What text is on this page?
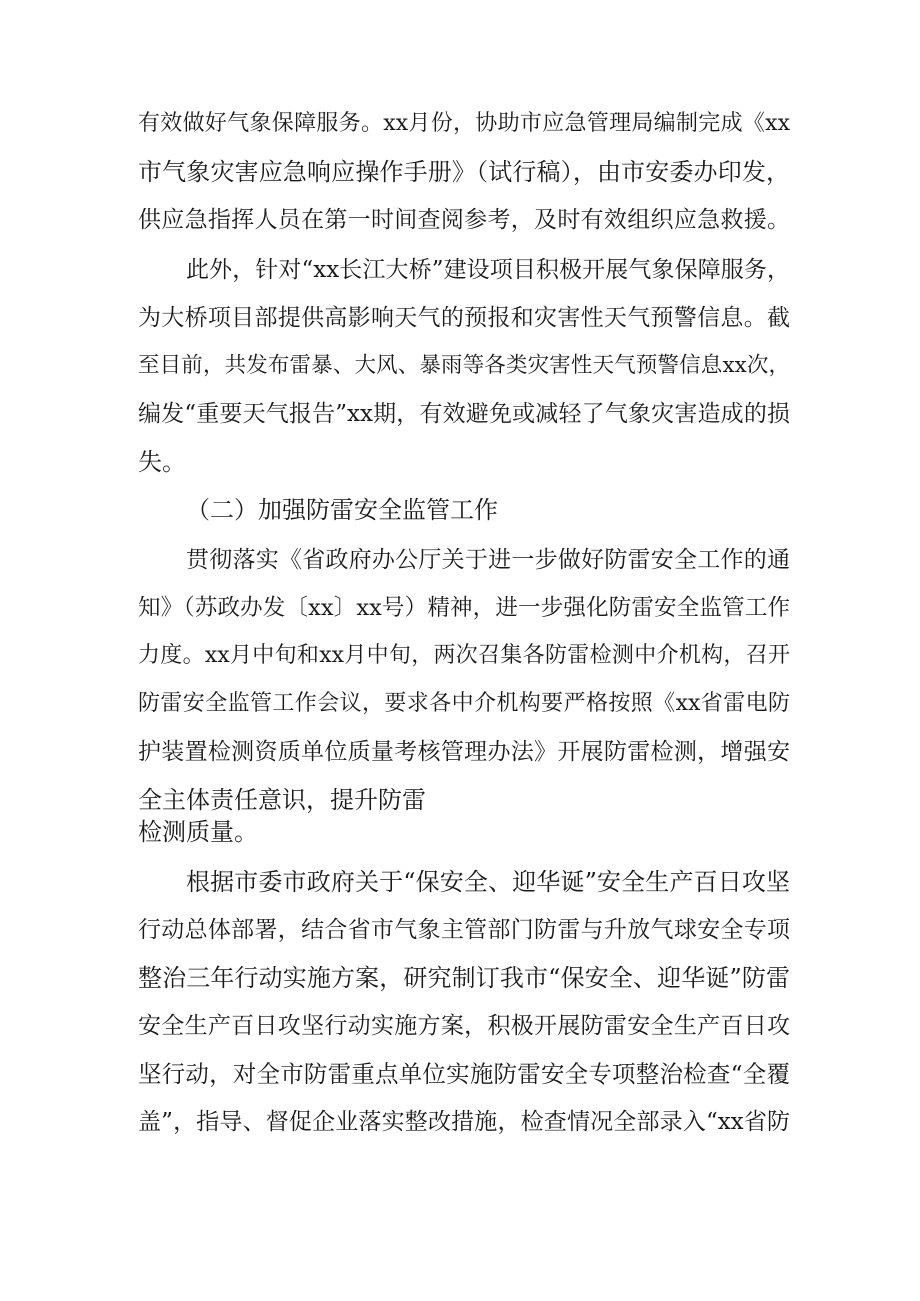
有效做好气象保障服务。xx月份，协助市应急管理局编制完成《xx
市气象灾害应急响应操作手册》（试行稿），由市安委办印发，
供应急指挥人员在第一时间查阅参考，及时有效组织应急救援。
此外，针对“xx长江大桥”建设项目积极开展气象保障服务，
为大桥项目部提供高影响天气的预报和灾害性天气预警信息。截
至目前，共发布雷暴、大风、暴雨等各类灾害性天气预警信息xx次，
编发“重要天气报告”xx期，有效避免或减轻了气象灾害造成的损
失。
（二）加强防雷安全监管工作
贯彻落实《省政府办公厅关于进一步做好防雷安全工作的通
知》（苏政办发〔xx〕xx号）精神，进一步强化防雷安全监管工作
力度。xx月中旬和xx月中旬，两次召集各防雷检测中介机构，召开
防雷安全监管工作会议，要求各中介机构要严格按照《xx省雷电防
护装置检测资质单位质量考核管理办法》开展防雷检测，增强安
全主体责任意识，提升防雷
检测质量。
根据市委市政府关于“保安全、迎华诞”安全生产百日攻坚
行动总体部署，结合省市气象主管部门防雷与升放气球安全专项
整治三年行动实施方案，研究制订我市“保安全、迎华诞”防雷
安全生产百日攻坚行动实施方案，积极开展防雷安全生产百日攻
坚行动，对全市防雷重点单位实施防雷安全专项整治检查“全覆
盖”，指导、督促企业落实整改措施，检查情况全部录入“xx省防
